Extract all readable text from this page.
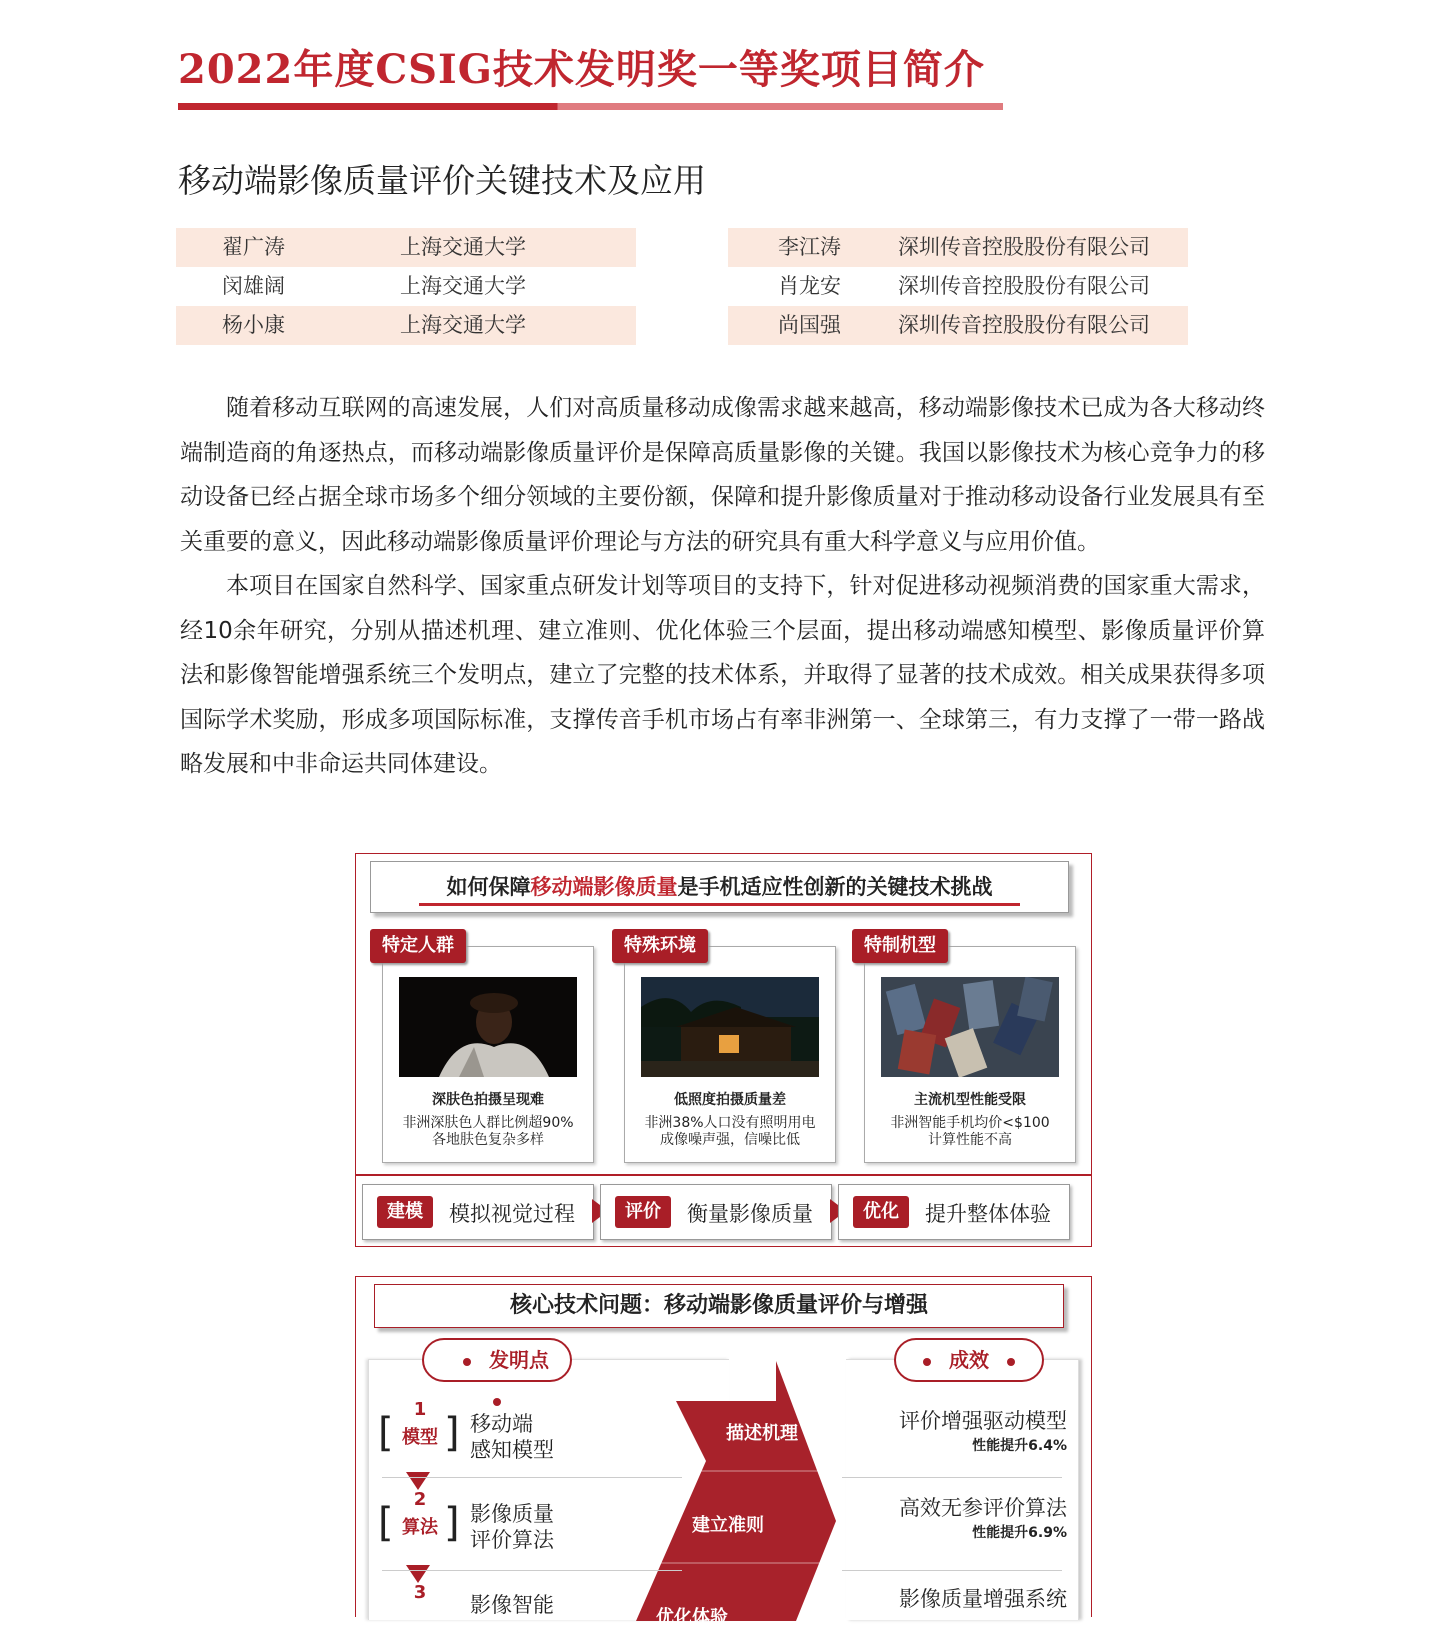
2022年度CSIG技术发明奖一等奖项目简介
移动端影像质量评价关键技术及应用
翟广涛	上海交通大学
闵雄阔	上海交通大学
杨小康	上海交通大学
李江涛	深圳传音控股股份有限公司
肖龙安	深圳传音控股股份有限公司
尚国强	深圳传音控股股份有限公司

随着移动互联网的高速发展，人们对高质量移动成像需求越来越高，移动端影像技术已成为各大移动终端制造商的角逐热点，而移动端影像质量评价是保障高质量影像的关键。我国以影像技术为核心竞争力的移动设备已经占据全球市场多个细分领域的主要份额，保障和提升影像质量对于推动移动设备行业发展具有至关重要的意义，因此移动端影像质量评价理论与方法的研究具有重大科学意义与应用价值。

本项目在国家自然科学、国家重点研发计划等项目的支持下，针对促进移动视频消费的国家重大需求，经10余年研究，分别从描述机理、建立准则、优化体验三个层面，提出移动端感知模型、影像质量评价算法和影像智能增强系统三个发明点，建立了完整的技术体系，并取得了显著的技术成效。相关成果获得多项国际学术奖励，形成多项国际标准，支撑传音手机市场占有率非洲第一、全球第三，有力支撑了一带一路战略发展和中非命运共同体建设。

如何保障移动端影像质量是手机适应性创新的关键技术挑战
深肤色拍摄呈现难
非洲深肤色人群比例超90%
各地肤色复杂多样
低照度拍摄质量差
非洲38%人口没有照明用电
成像噪声强，信噪比低
主流机型性能受限
非洲智能手机均价<$100
计算性能不高
特定人群	特殊环境	特制机型
建模	模拟视觉过程	评价	衡量影像质量	优化	提升整体体验
核心技术问题：移动端影像质量评价与增强
描述机理
建立准则
优化体验
发明点	成效
1
[ 模型 ] 移动端
感知模型
2
[ 算法 ] 影像质量
评价算法
3
影像智能
评价增强驱动模型
性能提升6.4%
高效无参评价算法
性能提升6.9%
影像质量增强系统
